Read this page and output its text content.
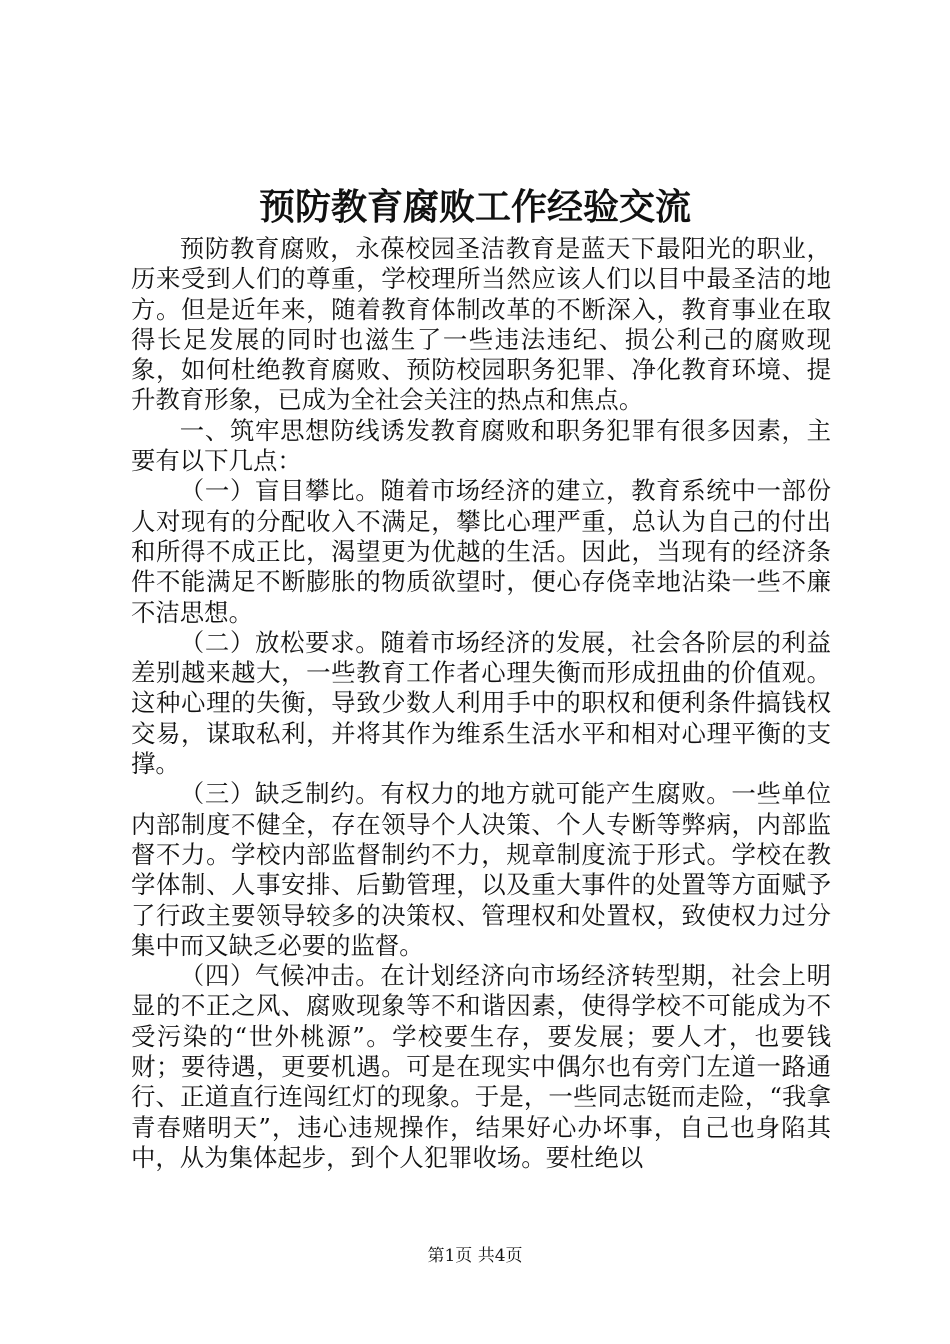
预防教育腐败工作经验交流

预防教育腐败，永葆校园圣洁教育是蓝天下最阳光的职业，历来受到人们的尊重，学校理所当然应该人们以目中最圣洁的地方。但是近年来，随着教育体制改革的不断深入，教育事业在取得长足发展的同时也滋生了一些违法违纪、损公利己的腐败现象，如何杜绝教育腐败、预防校园职务犯罪、净化教育环境、提升教育形象，已成为全社会关注的热点和焦点。

一、筑牢思想防线诱发教育腐败和职务犯罪有很多因素，主要有以下几点：

（一）盲目攀比。随着市场经济的建立，教育系统中一部份人对现有的分配收入不满足，攀比心理严重，总认为自己的付出和所得不成正比，渴望更为优越的生活。因此，当现有的经济条件不能满足不断膨胀的物质欲望时，便心存侥幸地沾染一些不廉不洁思想。

（二）放松要求。随着市场经济的发展，社会各阶层的利益差别越来越大，一些教育工作者心理失衡而形成扭曲的价值观。这种心理的失衡，导致少数人利用手中的职权和便利条件搞钱权交易，谋取私利，并将其作为维系生活水平和相对心理平衡的支撑。

（三）缺乏制约。有权力的地方就可能产生腐败。一些单位内部制度不健全，存在领导个人决策、个人专断等弊病，内部监督不力。学校内部监督制约不力，规章制度流于形式。学校在教学体制、人事安排、后勤管理，以及重大事件的处置等方面赋予了行政主要领导较多的决策权、管理权和处置权，致使权力过分集中而又缺乏必要的监督。

（四）气候冲击。在计划经济向市场经济转型期，社会上明显的不正之风、腐败现象等不和谐因素，使得学校不可能成为不受污染的“世外桃源”。学校要生存，要发展；要人才，也要钱财；要待遇，更要机遇。可是在现实中偶尔也有旁门左道一路通行、正道直行连闯红灯的现象。于是，一些同志铤而走险，“我拿青春赌明天”，违心违规操作，结果好心办坏事，自己也身陷其中，从为集体起步，到个人犯罪收场。要杜绝以

第1页 共4页
